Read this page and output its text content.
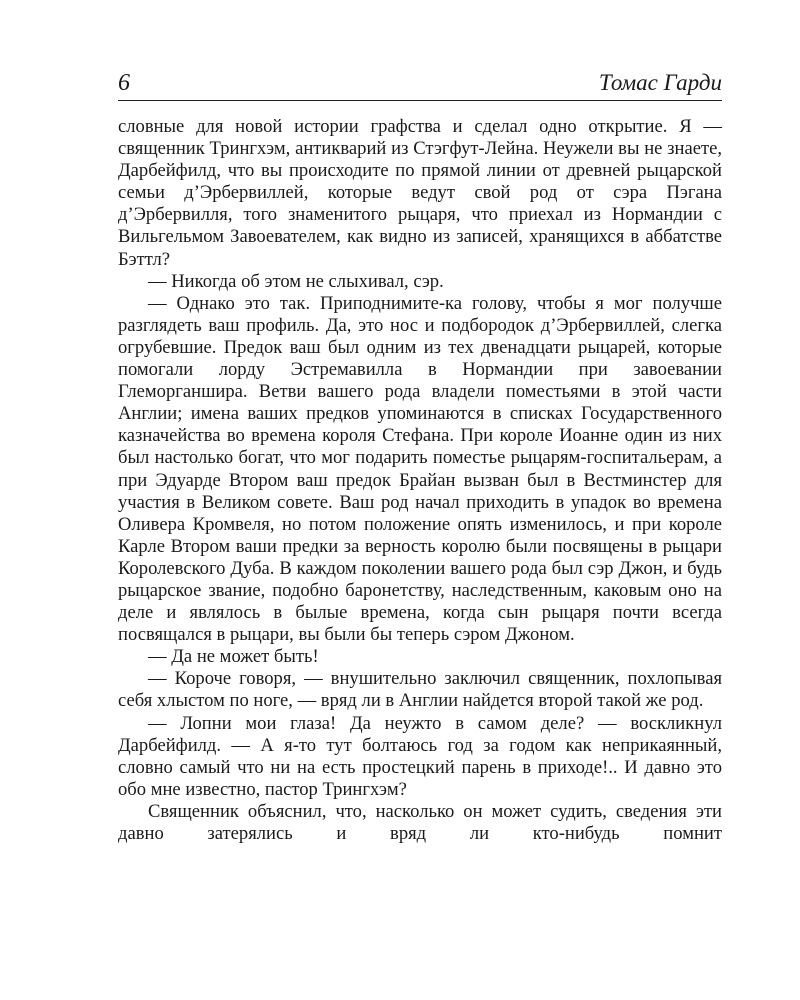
6	Томас Гарди

словные для новой истории графства и сделал одно открытие. Я — священник Трингхэм, антикварий из Стэгфут-Лейна. Неужели вы не знаете, Дарбейфилд, что вы происходите по прямой линии от древней рыцарской семьи д’Эрбервиллей, которые ведут свой род от сэра Пэгана д’Эрбервилля, того знаменитого рыцаря, что приехал из Нормандии с Вильгельмом Завоевателем, как видно из записей, хранящихся в аббатстве Бэттл?

— Никогда об этом не слыхивал, сэр.

— Однако это так. Приподнимите-ка голову, чтобы я мог получше разглядеть ваш профиль. Да, это нос и подбородок д’Эрбервиллей, слегка огрубевшие. Предок ваш был одним из тех двенадцати рыцарей, которые помогали лорду Эстремавилла в Нормандии при завоевании Глеморганшира. Ветви вашего рода владели поместьями в этой части Англии; имена ваших предков упоминаются в списках Государственного казначейства во времена короля Стефана. При короле Иоанне один из них был настолько богат, что мог подарить поместье рыцарям-госпитальерам, а при Эдуарде Втором ваш предок Брайан вызван был в Вестминстер для участия в Великом совете. Ваш род начал приходить в упадок во времена Оливера Кромвеля, но потом положение опять изменилось, и при короле Карле Втором ваши предки за верность королю были посвящены в рыцари Королевского Дуба. В каждом поколении вашего рода был сэр Джон, и будь рыцарское звание, подобно баронетству, наследственным, каковым оно на деле и являлось в былые времена, когда сын рыцаря почти всегда посвящался в рыцари, вы были бы теперь сэром Джоном.

— Да не может быть!

— Короче говоря, — внушительно заключил священник, похлопывая себя хлыстом по ноге, — вряд ли в Англии найдется второй такой же род.

— Лопни мои глаза! Да неужто в самом деле? — воскликнул Дарбейфилд. — А я-то тут болтаюсь год за годом как неприкаянный, словно самый что ни на есть простецкий парень в приходе!.. И давно это обо мне известно, пастор Трингхэм?

Священник объяснил, что, насколько он может судить, сведения эти давно затерялись и вряд ли кто-нибудь помнит
